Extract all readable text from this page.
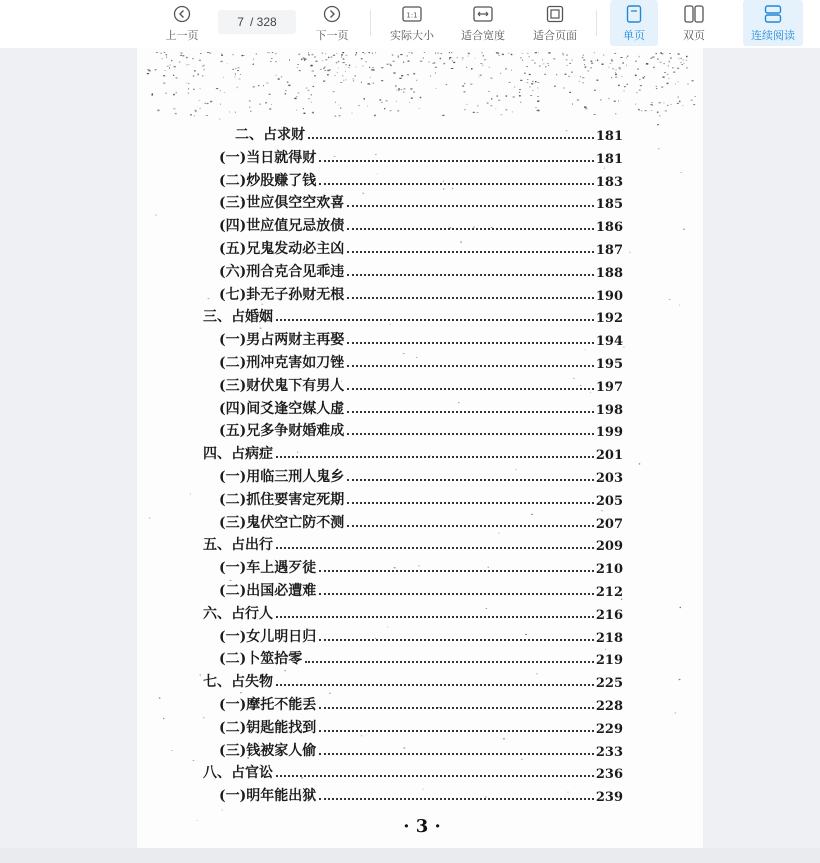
上一页
7 / 328
下一页
1:1
实际大小 适合宽度	适合页面	单页	双页	连续阅读
二、占求财	181
(一)当日就得财	181
(二)炒股赚了钱	183
(三)世应俱空空欢喜	185
(四)世应值兄忌放债	186
(五)兄鬼发动必主凶	187
(六)刑合克合见乖违	188
(七)卦无子孙财无根	190
三、占婚姻	192
(一)男占两财主再娶	194
(二)刑冲克害如刀锉	195
(三)财伏鬼下有男人	197
(四)间爻逢空媒人虚	198
(五)兄多争财婚难成	199
四、占病症	201
(一)用临三刑人鬼乡	203
(二)抓住要害定死期	205
(三)鬼伏空亡防不测	207
五、占出行	209
(一)车上遇歹徒	210
(二)出国必遭难	212
六、占行人	216
(一)女儿明日归	218
(二)卜筮拾零	219
七、占失物	225
(一)摩托不能丢	228
(二)钥匙能找到	229
(三)钱被家人偷	233
八、占官讼	236
(一)明年能出狱	239
· 3 ·
